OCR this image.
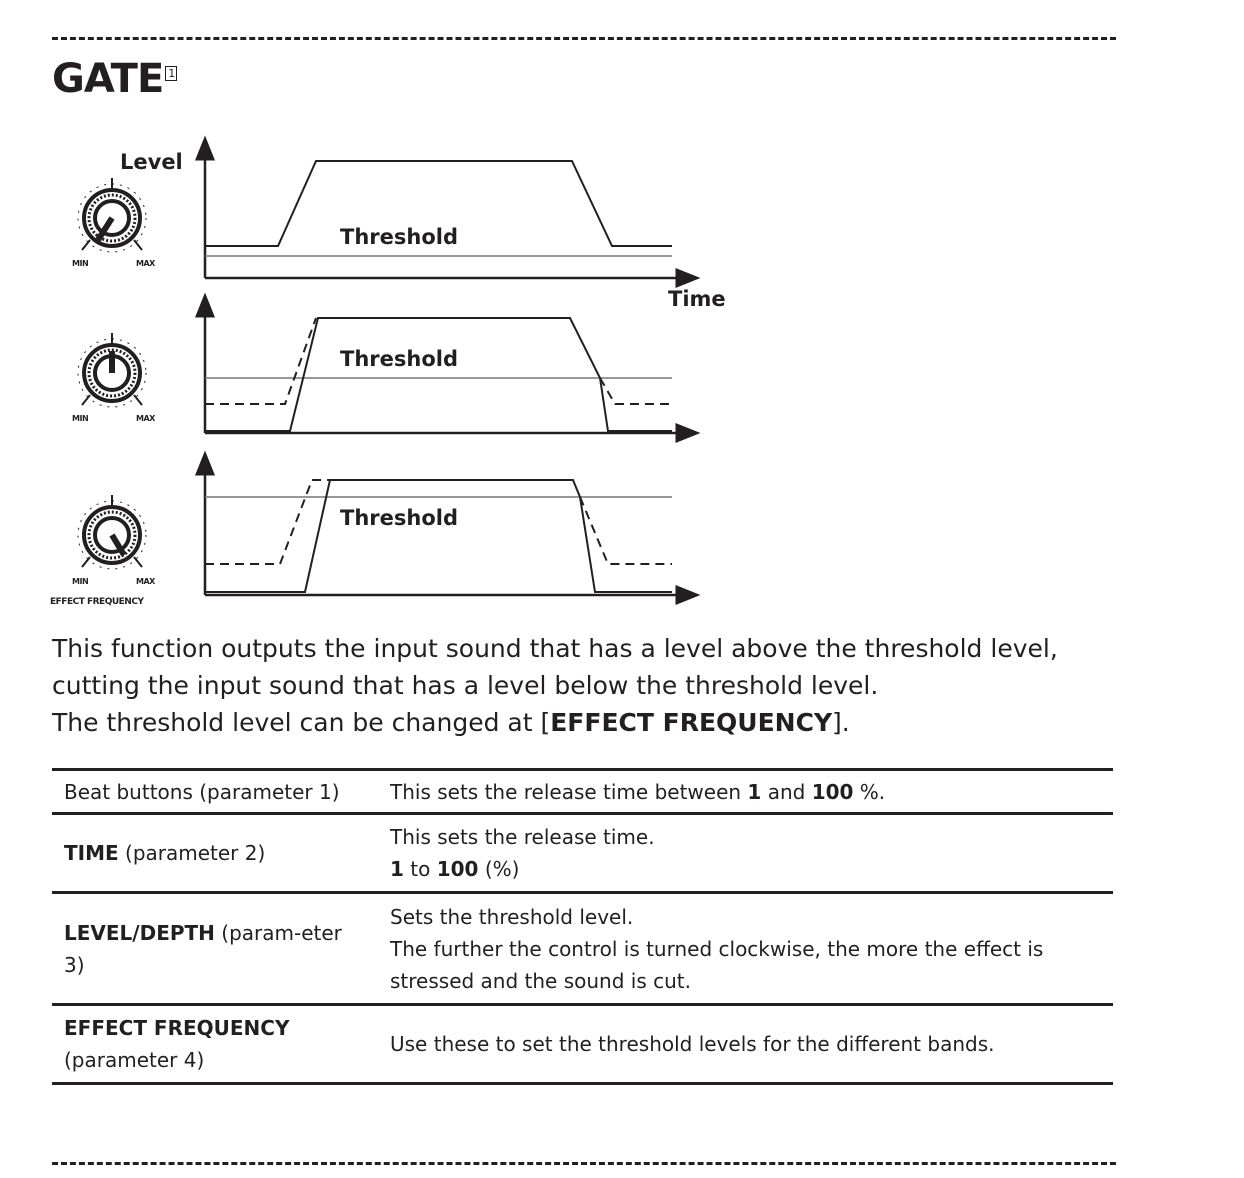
GATE 1
Level
Time
Threshold
Threshold
Threshold
MIN	MAX
MIN	MAX
MIN	MAX
EFFECT FREQUENCY
This function outputs the input sound that has a level above the threshold level,
cutting the input sound that has a level below the threshold level.
The threshold level can be changed at [EFFECT FREQUENCY].
Beat buttons (parameter 1)	This sets the release time between 1 and 100 %.
TIME (parameter 2)	This sets the release time.
1 to 100 (%)

LEVEL/DEPTH (param-eter 3)	Sets the threshold level.
The further the control is turned clockwise, the more the effect is stressed and the sound is cut.

EFFECT FREQUENCY
(parameter 4)	Use these to set the threshold levels for the different bands.
